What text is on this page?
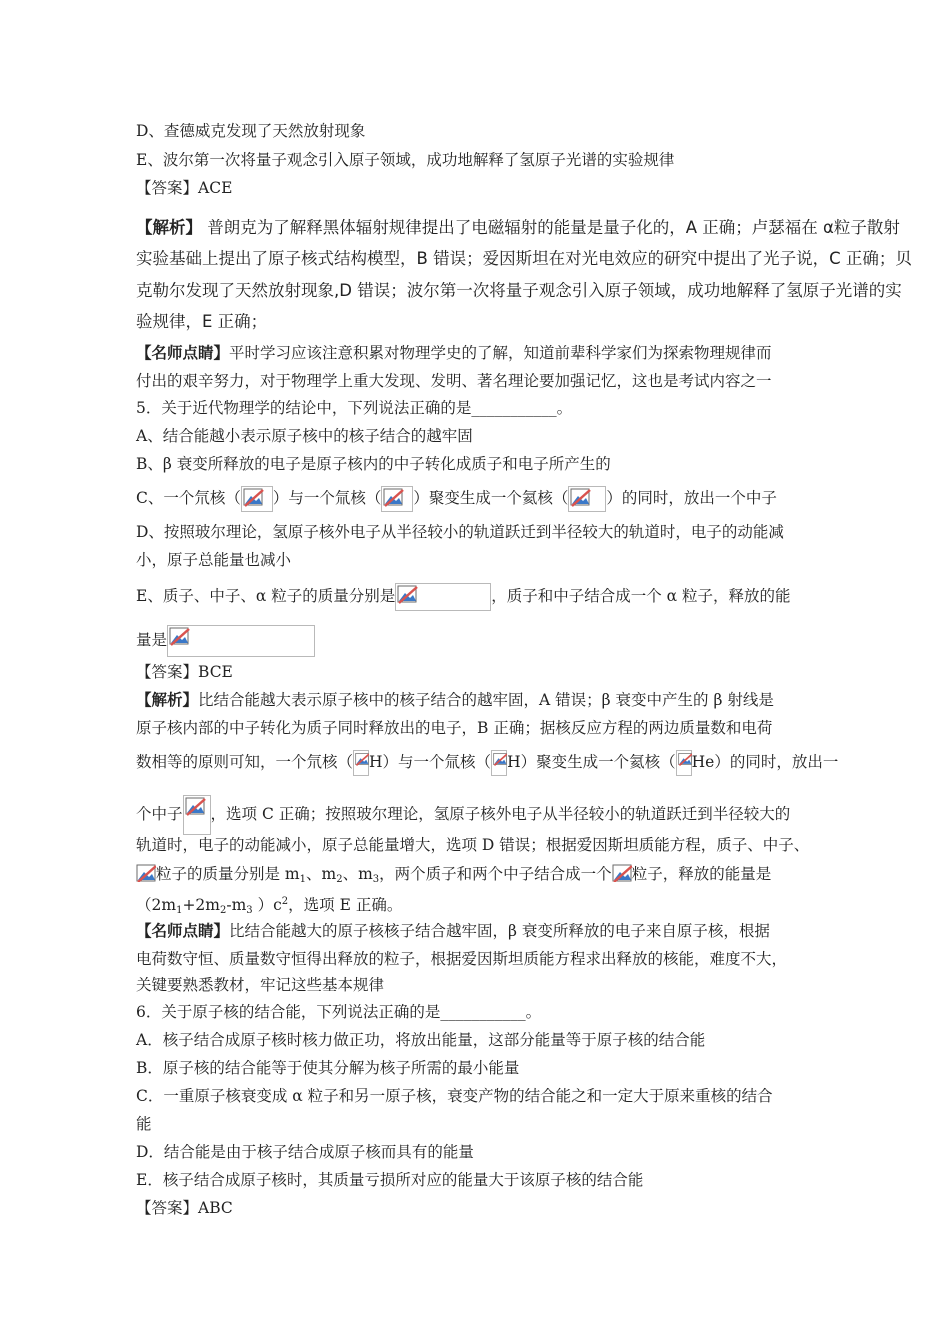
D、查德威克发现了天然放射现象
E、波尔第一次将量子观念引入原子领域，成功地解释了氢原子光谱的实验规律
【答案】ACE
【解析】 普朗克为了解释黑体辐射规律提出了电磁辐射的能量是量子化的，A 正确；卢瑟福在 α粒子散射
实验基础上提出了原子核式结构模型，B 错误；爱因斯坦在对光电效应的研究中提出了光子说，C 正确；贝
克勒尔发现了天然放射现象,D 错误；波尔第一次将量子观念引入原子领域，成功地解释了氢原子光谱的实
验规律，E 正确；
【名师点睛】平时学习应该注意积累对物理学史的了解，知道前辈科学家们为探索物理规律而
付出的艰辛努力，对于物理学上重大发现、发明、著名理论要加强记忆，这也是考试内容之一
5．关于近代物理学的结论中，下列说法正确的是___________。
A、结合能越小表示原子核中的核子结合的越牢固
B、β 衰变所释放的电子是原子核内的中子转化成质子和电子所产生的
C、一个氘核（ ）与一个氚核（ ）聚变生成一个氦核（ ）的同时，放出一个中子
D、按照玻尔理论，氢原子核外电子从半径较小的轨道跃迁到半径较大的轨道时，电子的动能减
小，原子总能量也减小
E、质子、中子、α 粒子的质量分别是	，质子和中子结合成一个 α 粒子，释放的能
量是
【答案】BCE
【解析】比结合能越大表示原子核中的核子结合的越牢固，A 错误；β 衰变中产生的 β 射线是
原子核内部的中子转化为质子同时释放出的电子，B 正确；据核反应方程的两边质量数和电荷
数相等的原则可知，一个氘核（ H）与一个氚核（ H）聚变生成一个氦核（ He）的同时，放出一
个中子 ，选项 C 正确；按照玻尔理论，氢原子核外电子从半径较小的轨道跃迁到半径较大的
轨道时，电子的动能减小，原子总能量增大，选项 D 错误；根据爱因斯坦质能方程，质子、中子、
粒子的质量分别是 $m_1$、$m_2$、$m_3$，两个质子和两个中子结合成一个 粒子，释放的能量是
（$2m_1+2m_2-m_3$ ）$c^2$，选项 E 正确。
【名师点睛】比结合能越大的原子核核子结合越牢固，β 衰变所释放的电子来自原子核，根据
电荷数守恒、质量数守恒得出释放的粒子，根据爱因斯坦质能方程求出释放的核能，难度不大，
关键要熟悉教材，牢记这些基本规律
6．关于原子核的结合能，下列说法正确的是___________。
A．核子结合成原子核时核力做正功，将放出能量，这部分能量等于原子核的结合能
B．原子核的结合能等于使其分解为核子所需的最小能量
C．一重原子核衰变成 α 粒子和另一原子核，衰变产物的结合能之和一定大于原来重核的结合
能
D．结合能是由于核子结合成原子核而具有的能量
E．核子结合成原子核时，其质量亏损所对应的能量大于该原子核的结合能
【答案】ABC
